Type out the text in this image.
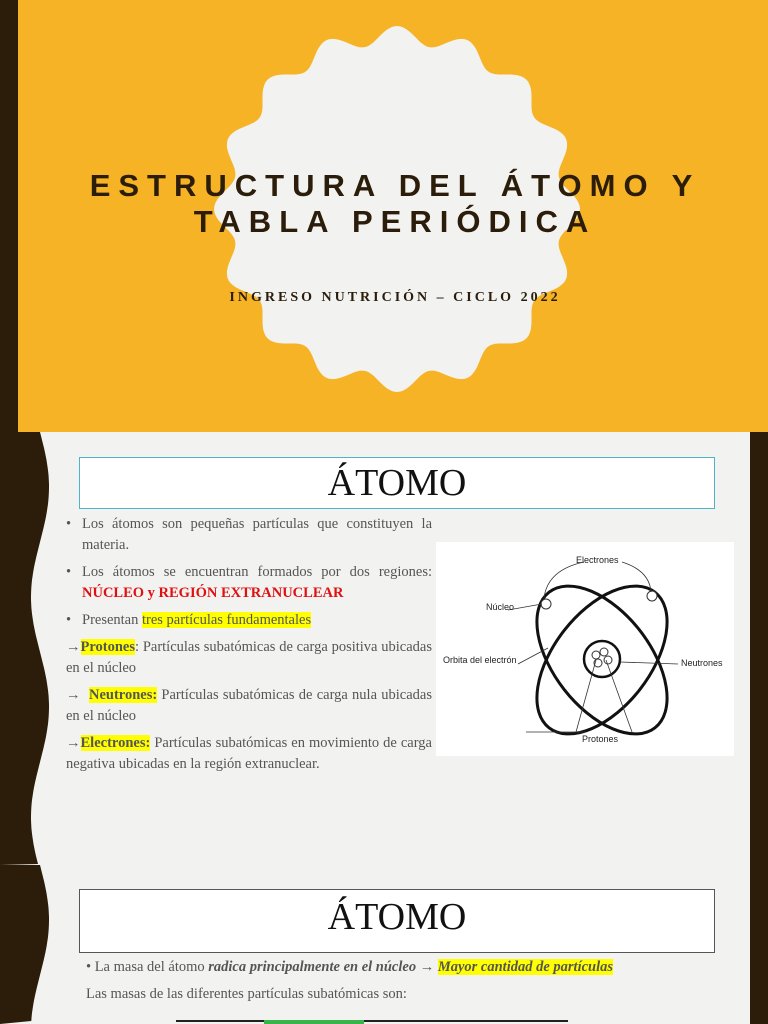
ESTRUCTURA DEL ÁTOMO Y TABLA PERIÓDICA
INGRESO NUTRICIÓN – CICLO 2022
ÁTOMO
• Los átomos son pequeñas partículas que constituyen la materia.
• Los átomos se encuentran formados por dos regiones: NÚCLEO y REGIÓN EXTRANUCLEAR
• Presentan tres partículas fundamentales
→Protones: Partículas subatómicas de carga positiva ubicadas en el núcleo
→ Neutrones: Partículas subatómicas de carga nula ubicadas en el núcleo
→Electrones: Partículas subatómicas en movimiento de carga negativa ubicadas en la región extranuclear.
Electrones
Núcleo
Orbita del electrón	Neutrones
Protones
ÁTOMO
• La masa del átomo radica principalmente en el núcleo → Mayor cantidad de partículas
Las masas de las diferentes partículas subatómicas son:
